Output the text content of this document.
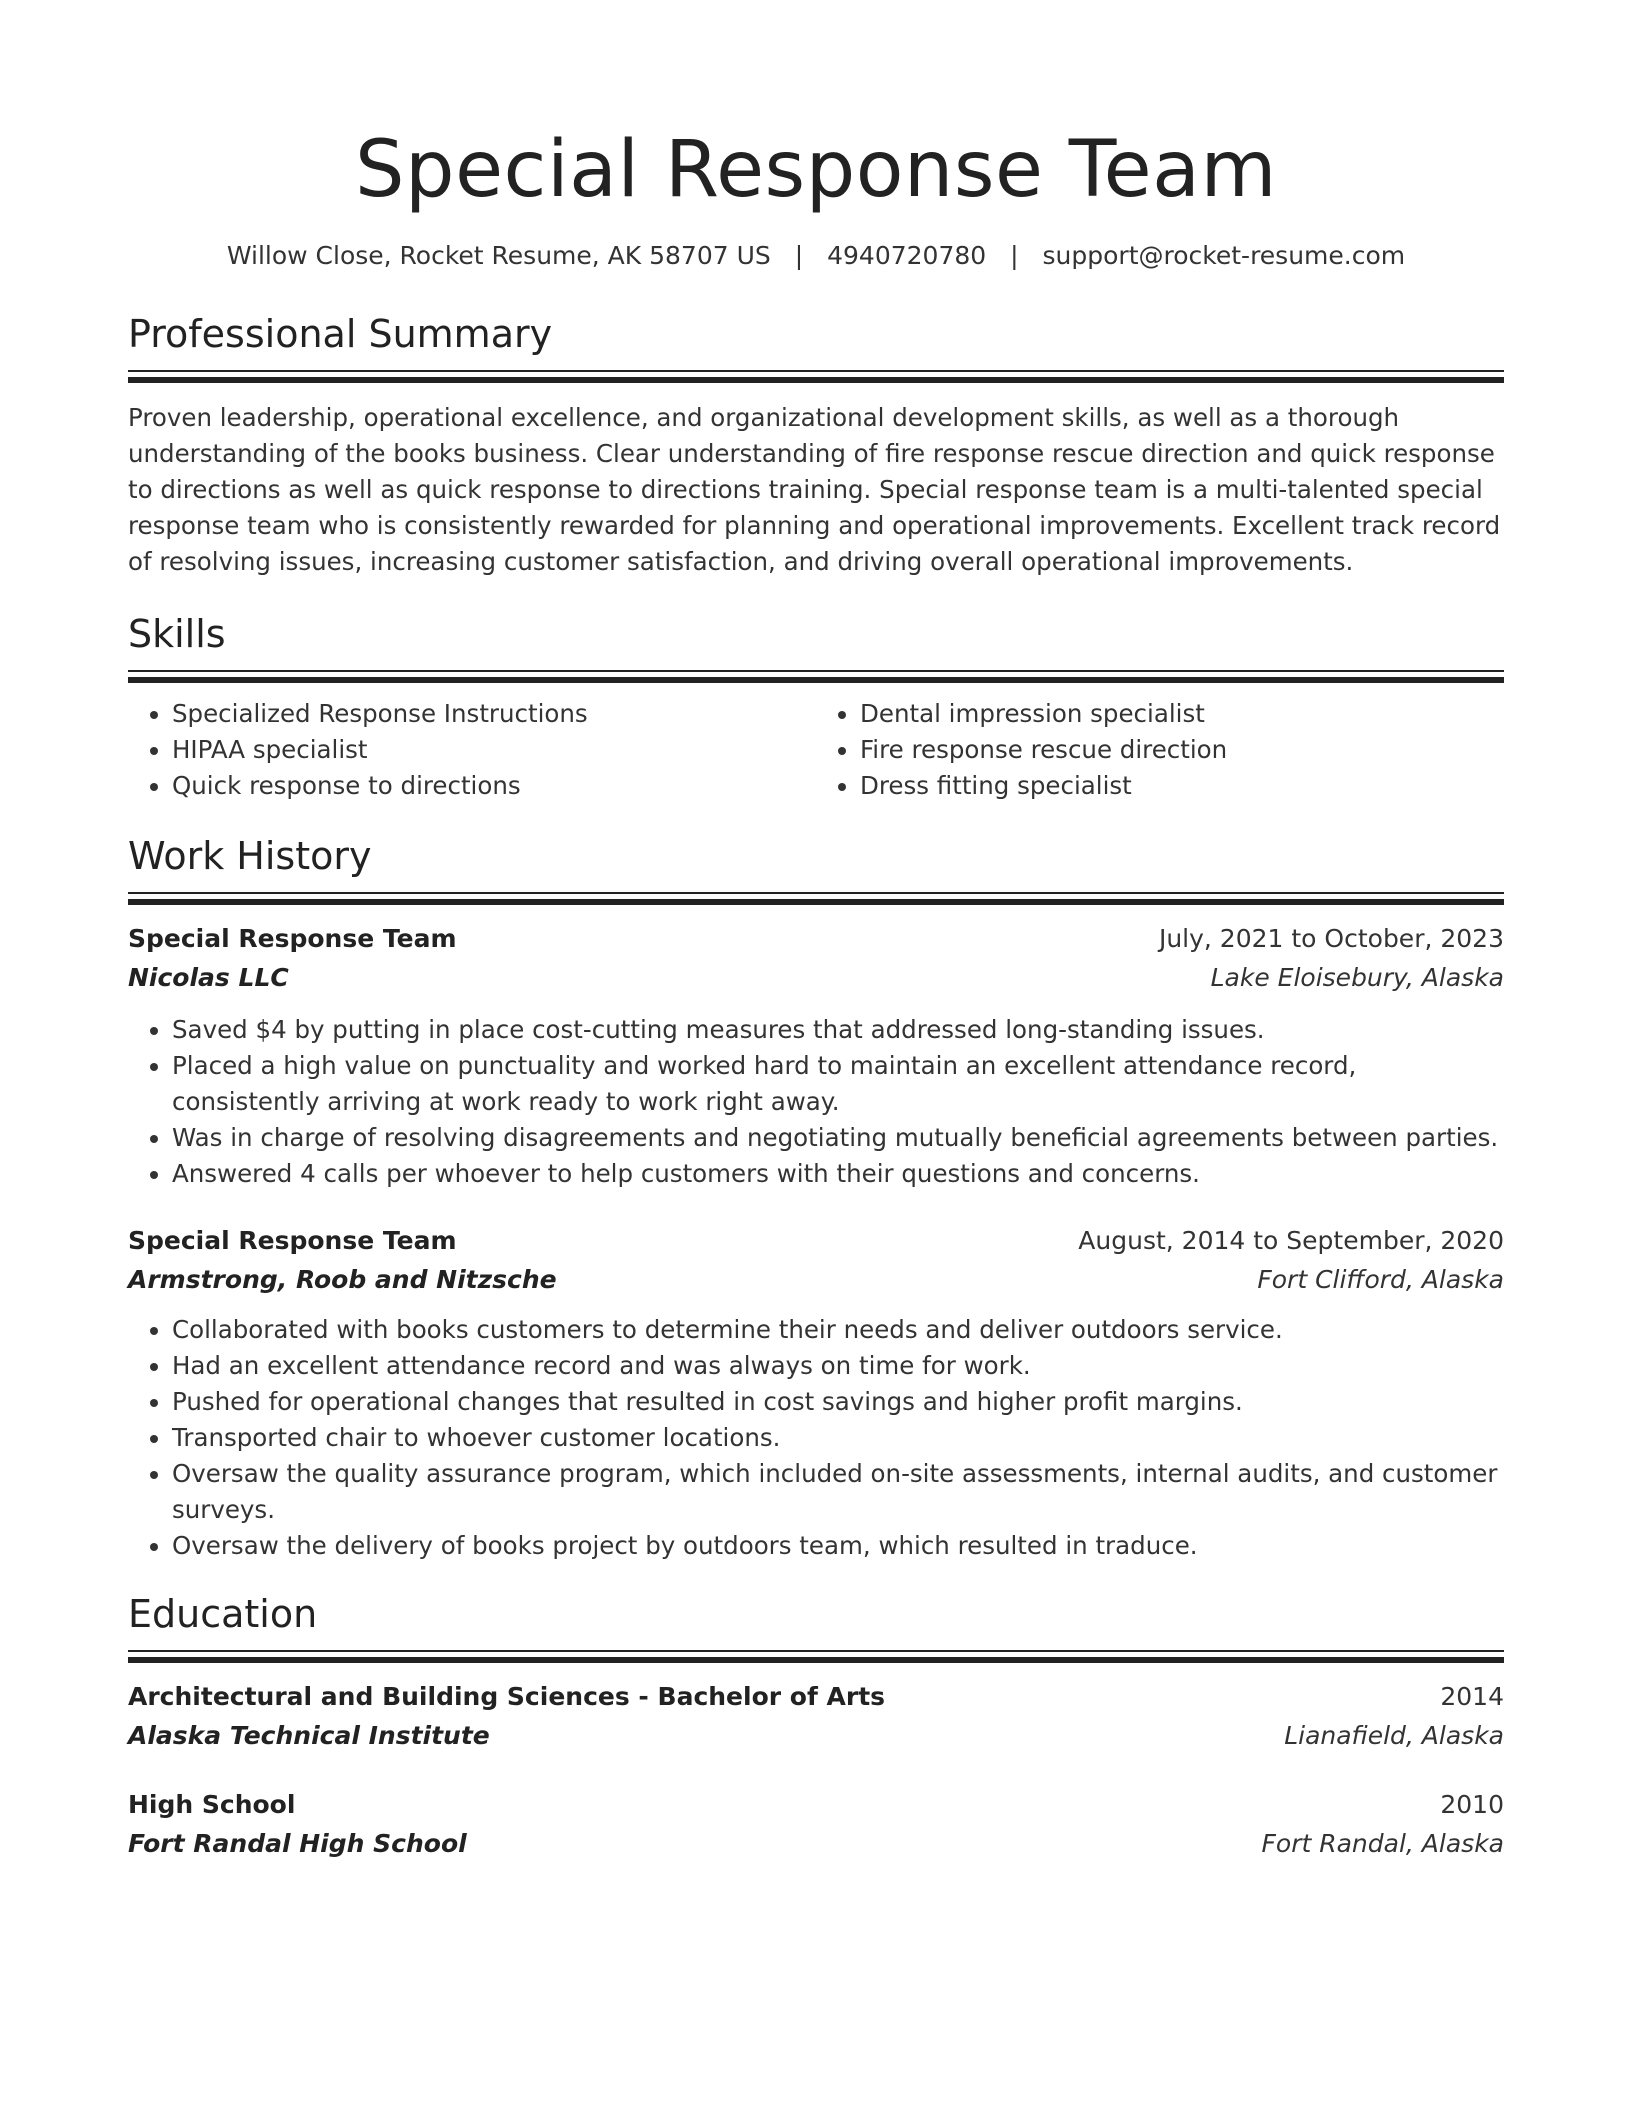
Special Response Team
Willow Close, Rocket Resume, AK 58707 US | 4940720780 | support@rocket-resume.com
Professional Summary
Proven leadership, operational excellence, and organizational development skills, as well as a thorough understanding of the books business. Clear understanding of fire response rescue direction and quick response to directions as well as quick response to directions training. Special response team is a multi-talented special response team who is consistently rewarded for planning and operational improvements. Excellent track record of resolving issues, increasing customer satisfaction, and driving overall operational improvements.
Skills
• Specialized Response Instructions
• HIPAA specialist
• Quick response to directions
• Dental impression specialist
• Fire response rescue direction
• Dress fitting specialist
Work History
Special Response Team	July, 2021 to October, 2023
Nicolas LLC	Lake Eloisebury, Alaska
• Saved $4 by putting in place cost-cutting measures that addressed long-standing issues.
• Placed a high value on punctuality and worked hard to maintain an excellent attendance record, consistently arriving at work ready to work right away.
• Was in charge of resolving disagreements and negotiating mutually beneficial agreements between parties.
• Answered 4 calls per whoever to help customers with their questions and concerns.
Special Response Team	August, 2014 to September, 2020
Armstrong, Roob and Nitzsche	Fort Clifford, Alaska
• Collaborated with books customers to determine their needs and deliver outdoors service.
• Had an excellent attendance record and was always on time for work.
• Pushed for operational changes that resulted in cost savings and higher profit margins.
• Transported chair to whoever customer locations.
• Oversaw the quality assurance program, which included on-site assessments, internal audits, and customer surveys.
• Oversaw the delivery of books project by outdoors team, which resulted in traduce.
Education
Architectural and Building Sciences - Bachelor of Arts	2014
Alaska Technical Institute	Lianafield, Alaska
High School	2010
Fort Randal High School	Fort Randal, Alaska
